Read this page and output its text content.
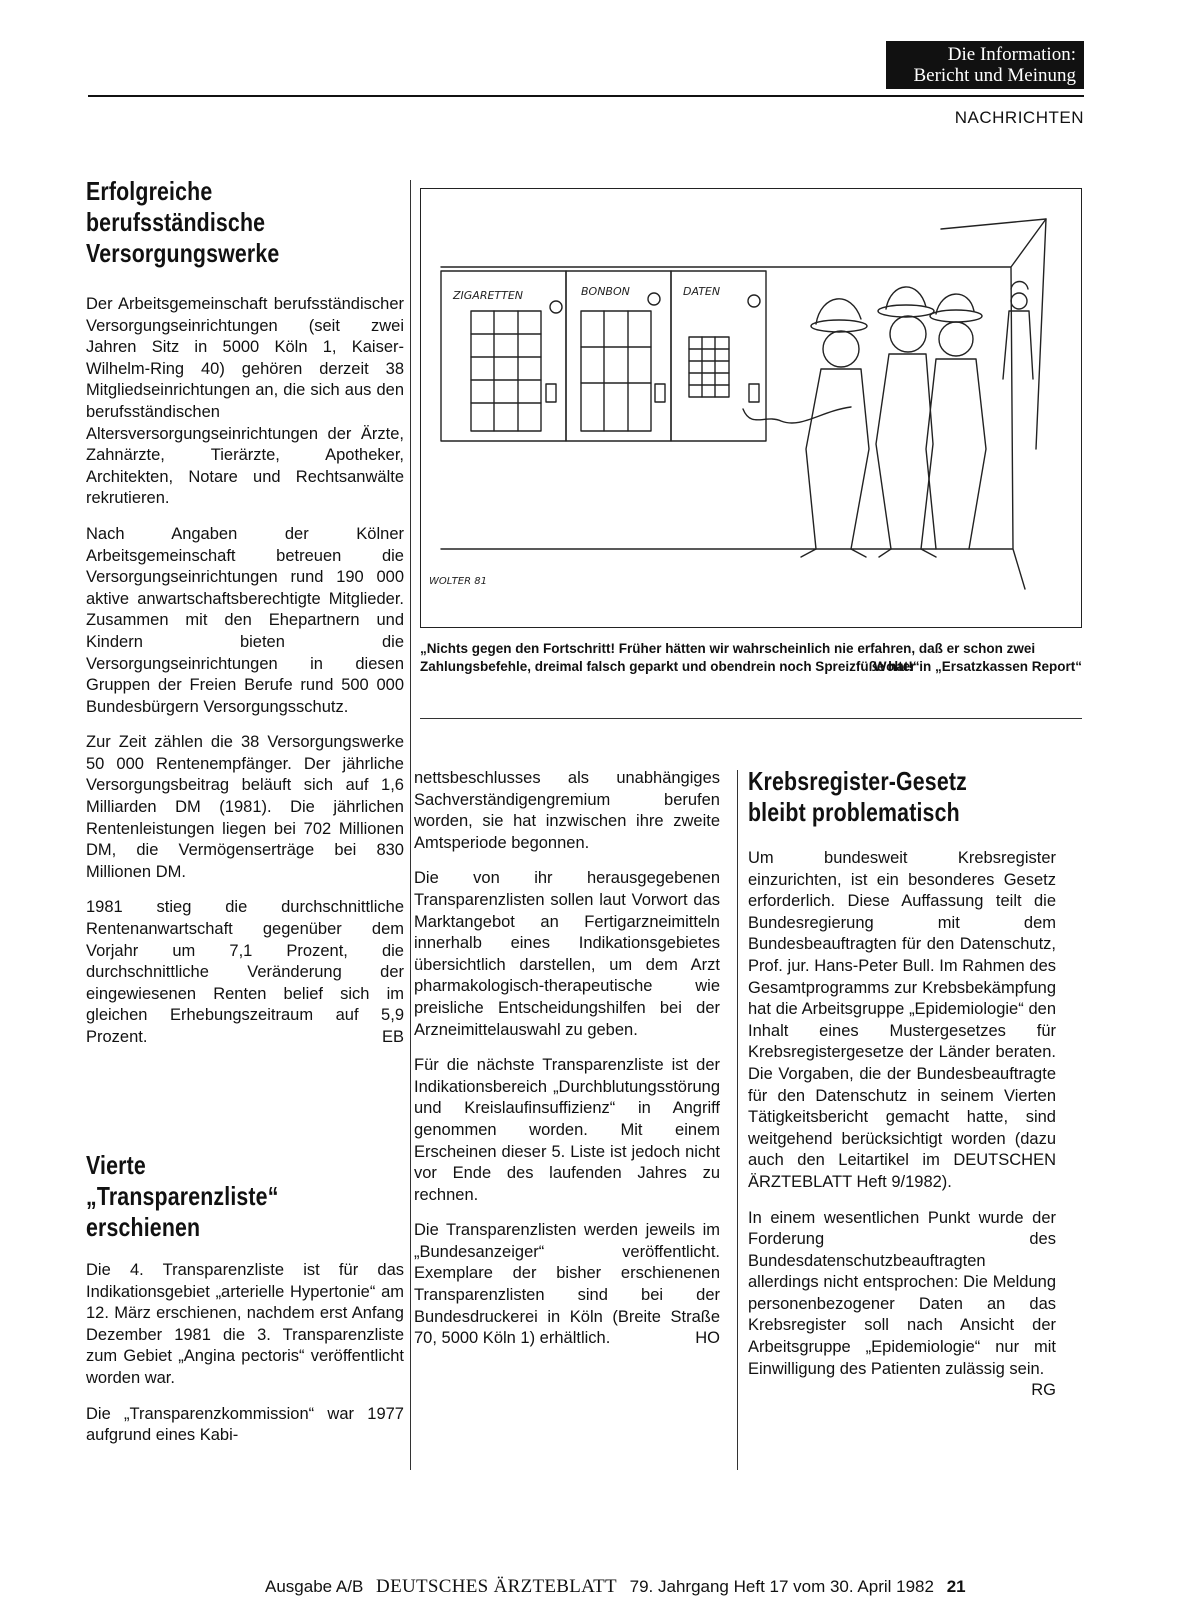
Die Information:
Bericht und Meinung
NACHRICHTEN
Erfolgreiche
berufsständische
Versorgungswerke

Der Arbeitsgemeinschaft berufsständischer Versorgungseinrichtungen (seit zwei Jahren Sitz in 5000 Köln 1, Kaiser-Wilhelm-Ring 40) gehören derzeit 38 Mitgliedseinrichtungen an, die sich aus den berufsständischen Altersversorgungseinrichtungen der Ärzte, Zahnärzte, Tierärzte, Apotheker, Architekten, Notare und Rechtsanwälte rekrutieren.

Nach Angaben der Kölner Arbeitsgemeinschaft betreuen die Versorgungseinrichtungen rund 190 000 aktive anwartschaftsberechtigte Mitglieder. Zusammen mit den Ehepartnern und Kindern bieten die Versorgungseinrichtungen in diesen Gruppen der Freien Berufe rund 500 000 Bundesbürgern Versorgungsschutz.

Zur Zeit zählen die 38 Versorgungswerke 50 000 Rentenempfänger. Der jährliche Versorgungsbeitrag beläuft sich auf 1,6 Milliarden DM (1981). Die jährlichen Rentenleistungen liegen bei 702 Millionen DM, die Vermögenserträge bei 830 Millionen DM.

1981 stieg die durchschnittliche Rentenanwartschaft gegenüber dem Vorjahr um 7,1 Prozent, die durchschnittliche Veränderung der eingewiesenen Renten belief sich im gleichen Erhebungszeitraum auf 5,9 Prozent.	EB

Vierte
„Transparenzliste“
erschienen

Die 4. Transparenzliste ist für das Indikationsgebiet „arterielle Hypertonie“ am 12. März erschienen, nachdem erst Anfang Dezember 1981 die 3. Transparenzliste zum Gebiet „Angina pectoris“ veröffentlicht worden war.

Die „Transparenzkommission“ war 1977 aufgrund eines Kabi-

ZIGARETTEN	BONBON	DATEN
WOLTER 81
„Nichts gegen den Fortschritt! Früher hätten wir wahrscheinlich nie erfahren, daß er schon zwei Zahlungsbefehle, dreimal falsch geparkt und obendrein noch Spreizfüße hat!“
Wolter in „Ersatzkassen Report“

nettsbeschlusses als unabhängiges Sachverständigengremium berufen worden, sie hat inzwischen ihre zweite Amtsperiode begonnen.

Die von ihr herausgegebenen Transparenzlisten sollen laut Vorwort das Marktangebot an Fertigarzneimitteln innerhalb eines Indikationsgebietes übersichtlich darstellen, um dem Arzt pharmakologisch-therapeutische wie preisliche Entscheidungshilfen bei der Arzneimittelauswahl zu geben.

Für die nächste Transparenzliste ist der Indikationsbereich „Durchblutungsstörung und Kreislaufinsuffizienz“ in Angriff genommen worden. Mit einem Erscheinen dieser 5. Liste ist jedoch nicht vor Ende des laufenden Jahres zu rechnen.

Die Transparenzlisten werden jeweils im „Bundesanzeiger“ veröffentlicht. Exemplare der bisher erschienenen Transparenzlisten sind bei der Bundesdruckerei in Köln (Breite Straße 70, 5000 Köln 1) erhältlich.	HO

Krebsregister-Gesetz
bleibt problematisch

Um bundesweit Krebsregister einzurichten, ist ein besonderes Gesetz erforderlich. Diese Auffassung teilt die Bundesregierung mit dem Bundesbeauftragten für den Datenschutz, Prof. jur. Hans-Peter Bull. Im Rahmen des Gesamtprogramms zur Krebsbekämpfung hat die Arbeitsgruppe „Epidemiologie“ den Inhalt eines Mustergesetzes für Krebsregistergesetze der Länder beraten. Die Vorgaben, die der Bundesbeauftragte für den Datenschutz in seinem Vierten Tätigkeitsbericht gemacht hatte, sind weitgehend berücksichtigt worden (dazu auch den Leitartikel im DEUTSCHEN ÄRZTEBLATT Heft 9/1982).

In einem wesentlichen Punkt wurde der Forderung des Bundesdatenschutzbeauftragten allerdings nicht entsprochen: Die Meldung personenbezogener Daten an das Krebsregister soll nach Ansicht der Arbeitsgruppe „Epidemiologie“ nur mit Einwilligung des Patienten zulässig sein.
RG

Ausgabe A/B DEUTSCHES ÄRZTEBLATT 79. Jahrgang Heft 17 vom 30. April 1982 21
